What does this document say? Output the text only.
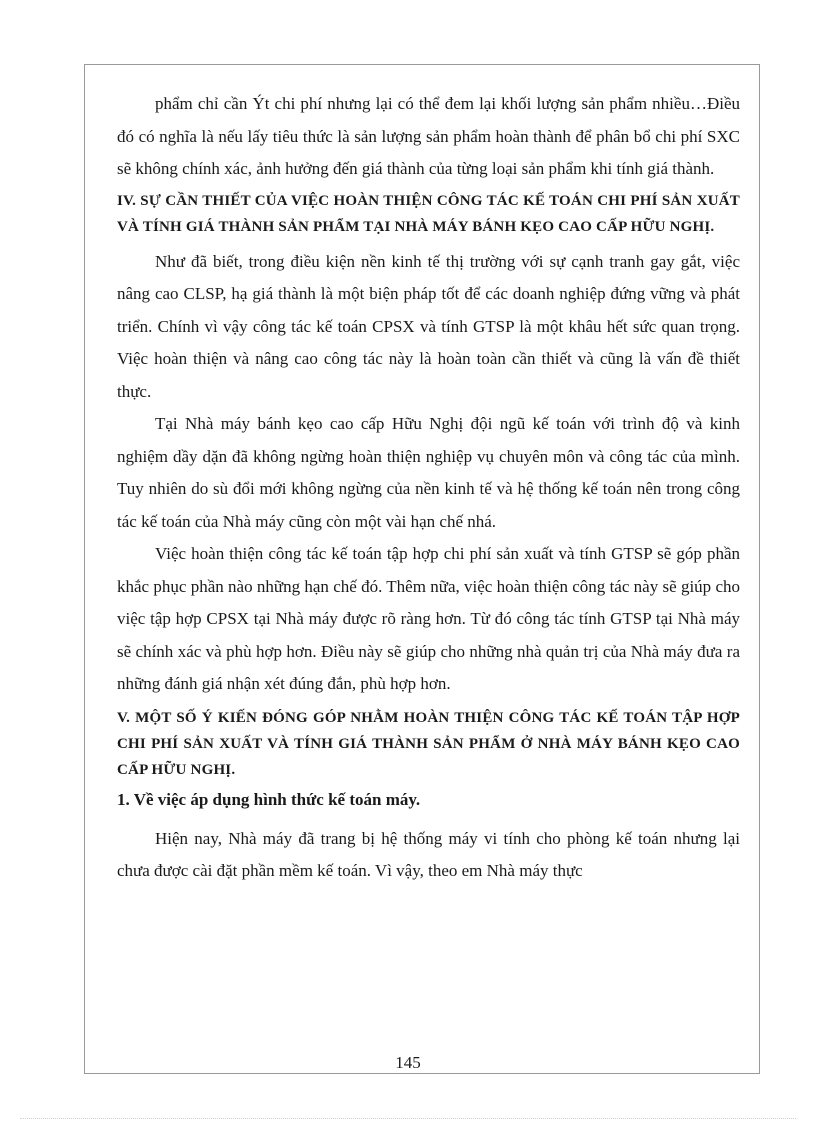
phẩm chỉ cần Ýt chi phí nhưng lại có thể đem lại khối lượng sản phẩm nhiều…Điều đó có nghĩa là nếu lấy tiêu thức là sản lượng sản phẩm hoàn thành để phân bổ chi phí SXC sẽ không chính xác, ảnh hưởng đến giá thành của từng loại sản phẩm khi tính giá thành.

IV. SỰ CẦN THIẾT CỦA VIỆC HOÀN THIỆN CÔNG TÁC KẾ TOÁN CHI PHÍ SẢN XUẤT VÀ TÍNH GIÁ THÀNH SẢN PHẨM TẠI NHÀ MÁY BÁNH KẸO CAO CẤP HỮU NGHỊ.

Như đã biết, trong điều kiện nền kinh tế thị trường với sự cạnh tranh gay gắt, việc nâng cao CLSP, hạ giá thành là một biện pháp tốt để các doanh nghiệp đứng vững và phát triển. Chính vì vậy công tác kế toán CPSX và tính GTSP là một khâu hết sức quan trọng. Việc hoàn thiện và nâng cao công tác này là hoàn toàn cần thiết và cũng là vấn đề thiết thực.

Tại Nhà máy bánh kẹo cao cấp Hữu Nghị đội ngũ kế toán với trình độ và kinh nghiệm dầy dặn đã không ngừng hoàn thiện nghiệp vụ chuyên môn và công tác của mình. Tuy nhiên do sù đổi mới không ngừng của nền kinh tế và hệ thống kế toán nên trong công tác kế toán của Nhà máy cũng còn một vài hạn chế nhá.

Việc hoàn thiện công tác kế toán tập hợp chi phí sản xuất và tính GTSP sẽ góp phần khắc phục phần nào những hạn chế đó. Thêm nữa, việc hoàn thiện công tác này sẽ giúp cho việc tập hợp CPSX tại Nhà máy được rõ ràng hơn. Từ đó công tác tính GTSP tại Nhà máy sẽ chính xác và phù hợp hơn. Điều này sẽ giúp cho những nhà quản trị của Nhà máy đưa ra những đánh giá nhận xét đúng đắn, phù hợp hơn.

V. MỘT SỐ Ý KIẾN ĐÓNG GÓP NHẰM HOÀN THIỆN CÔNG TÁC KẾ TOÁN TẬP HỢP CHI PHÍ SẢN XUẤT VÀ TÍNH GIÁ THÀNH SẢN PHẨM Ở NHÀ MÁY BÁNH KẸO CAO CẤP HỮU NGHỊ.
1. Về việc áp dụng hình thức kế toán máy.

Hiện nay, Nhà máy đã trang bị hệ thống máy vi tính cho phòng kế toán nhưng lại chưa được cài đặt phần mềm kế toán. Vì vậy, theo em Nhà máy thực

145
